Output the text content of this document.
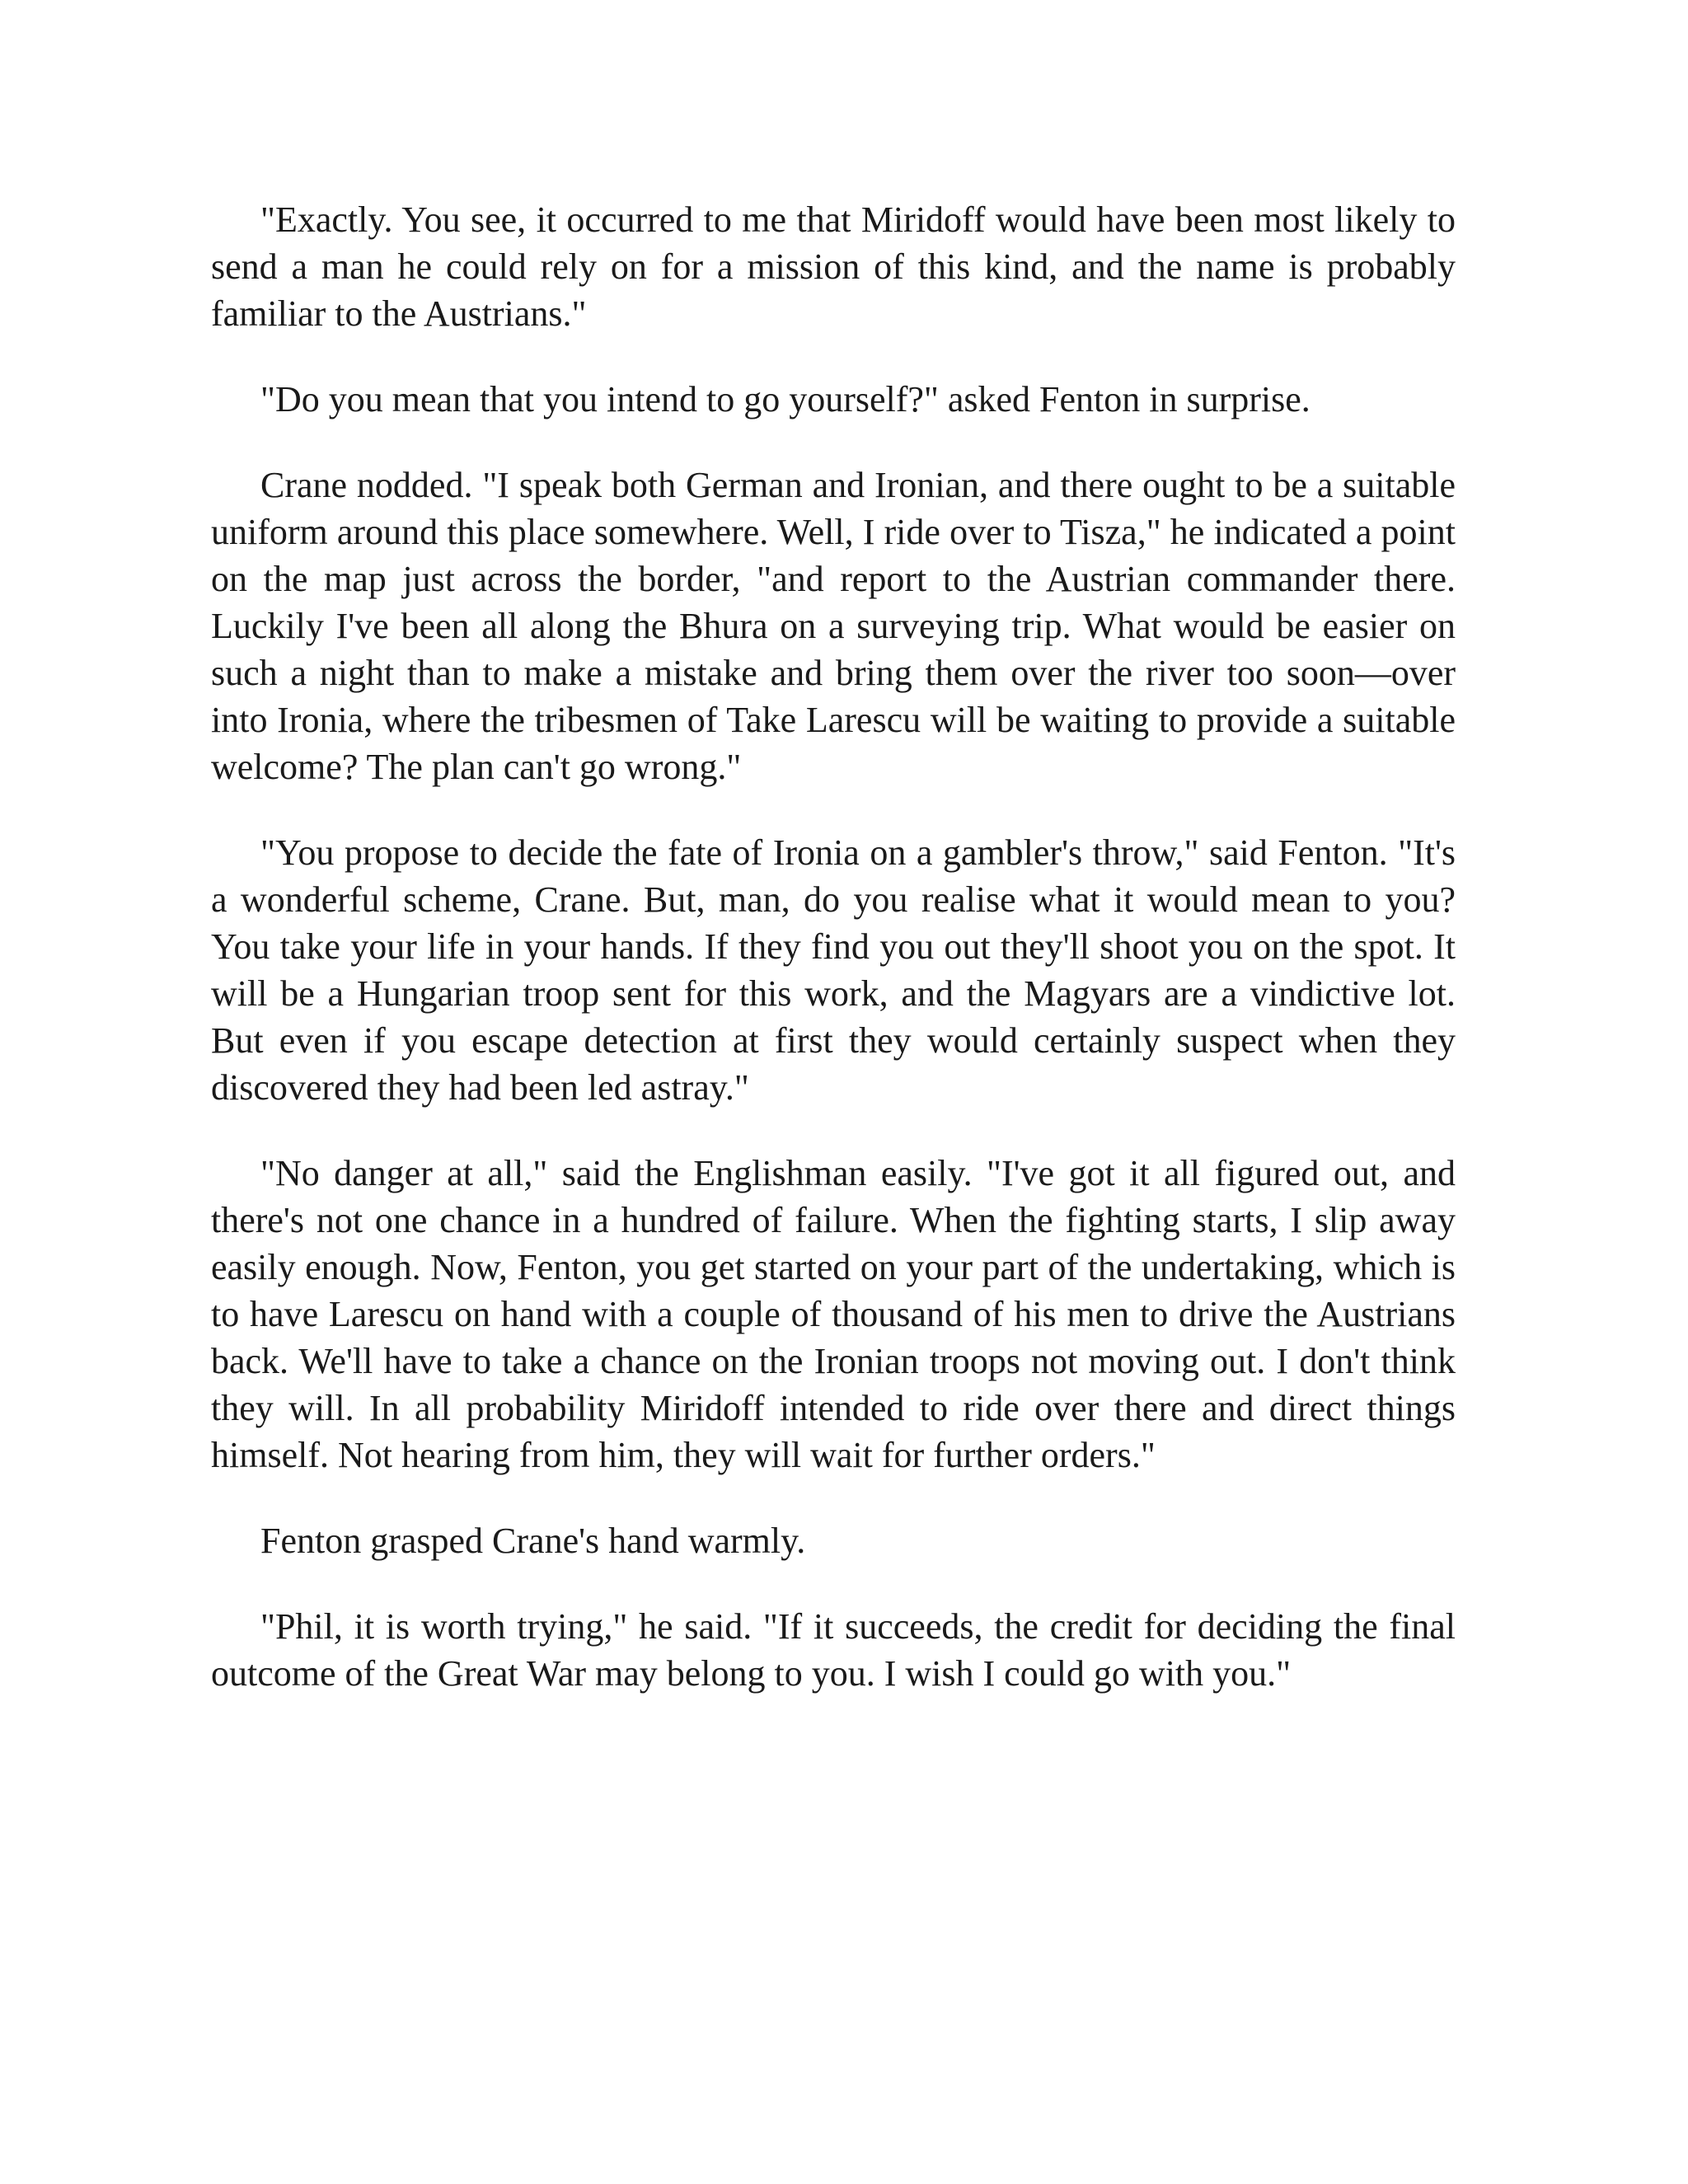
"Exactly. You see, it occurred to me that Miridoff would have been most likely to send a man he could rely on for a mission of this kind, and the name is probably familiar to the Austrians."

"Do you mean that you intend to go yourself?" asked Fenton in surprise.

Crane nodded. "I speak both German and Ironian, and there ought to be a suitable uniform around this place somewhere. Well, I ride over to Tisza," he indicated a point on the map just across the border, "and report to the Austrian commander there. Luckily I've been all along the Bhura on a surveying trip. What would be easier on such a night than to make a mistake and bring them over the river too soon—over into Ironia, where the tribesmen of Take Larescu will be waiting to provide a suitable welcome? The plan can't go wrong."

"You propose to decide the fate of Ironia on a gambler's throw," said Fenton. "It's a wonderful scheme, Crane. But, man, do you realise what it would mean to you? You take your life in your hands. If they find you out they'll shoot you on the spot. It will be a Hungarian troop sent for this work, and the Magyars are a vindictive lot. But even if you escape detection at first they would certainly suspect when they discovered they had been led astray."

"No danger at all," said the Englishman easily. "I've got it all figured out, and there's not one chance in a hundred of failure. When the fighting starts, I slip away easily enough. Now, Fenton, you get started on your part of the undertaking, which is to have Larescu on hand with a couple of thousand of his men to drive the Austrians back. We'll have to take a chance on the Ironian troops not moving out. I don't think they will. In all probability Miridoff intended to ride over there and direct things himself. Not hearing from him, they will wait for further orders."

Fenton grasped Crane's hand warmly.

"Phil, it is worth trying," he said. "If it succeeds, the credit for deciding the final outcome of the Great War may belong to you. I wish I could go with you."
